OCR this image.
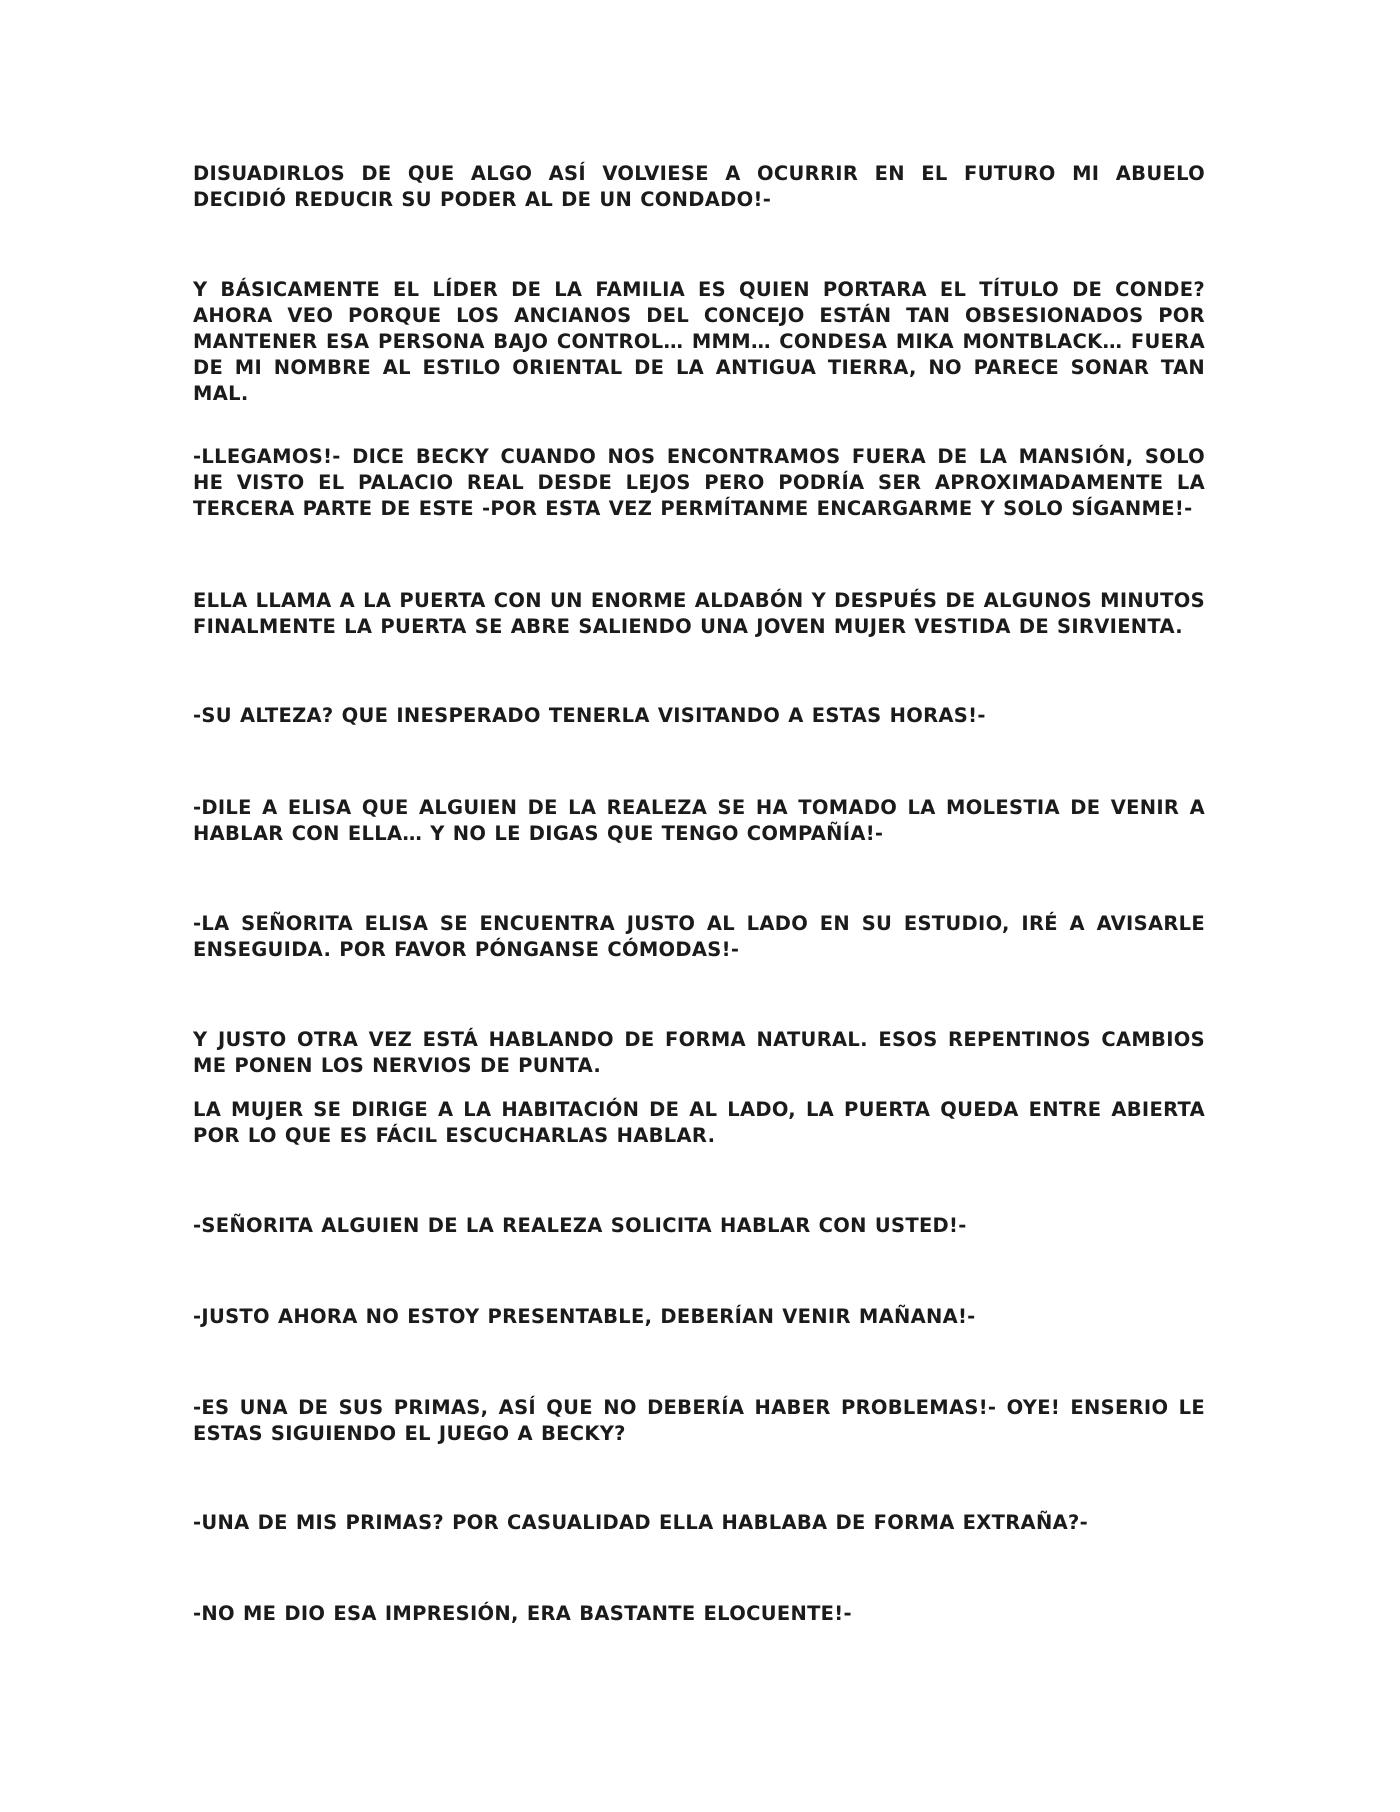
DISUADIRLOS DE QUE ALGO ASÍ VOLVIESE A OCURRIR EN EL FUTURO MI ABUELO DECIDIÓ REDUCIR SU PODER AL DE UN CONDADO!-

Y BÁSICAMENTE EL LÍDER DE LA FAMILIA ES QUIEN PORTARA EL TÍTULO DE CONDE? AHORA VEO PORQUE LOS ANCIANOS DEL CONCEJO ESTÁN TAN OBSESIONADOS POR MANTENER ESA PERSONA BAJO CONTROL… MMM… CONDESA MIKA MONTBLACK… FUERA DE MI NOMBRE AL ESTILO ORIENTAL DE LA ANTIGUA TIERRA, NO PARECE SONAR TAN MAL.

-LLEGAMOS!- DICE BECKY CUANDO NOS ENCONTRAMOS FUERA DE LA MANSIÓN, SOLO HE VISTO EL PALACIO REAL DESDE LEJOS PERO PODRÍA SER APROXIMADAMENTE LA TERCERA PARTE DE ESTE -POR ESTA VEZ PERMÍTANME ENCARGARME Y SOLO SÍGANME!-

ELLA LLAMA A LA PUERTA CON UN ENORME ALDABÓN Y DESPUÉS DE ALGUNOS MINUTOS FINALMENTE LA PUERTA SE ABRE SALIENDO UNA JOVEN MUJER VESTIDA DE SIRVIENTA.

-SU ALTEZA? QUE INESPERADO TENERLA VISITANDO A ESTAS HORAS!-

-DILE A ELISA QUE ALGUIEN DE LA REALEZA SE HA TOMADO LA MOLESTIA DE VENIR A HABLAR CON ELLA… Y NO LE DIGAS QUE TENGO COMPAÑÍA!-

-LA SEÑORITA ELISA SE ENCUENTRA JUSTO AL LADO EN SU ESTUDIO, IRÉ A AVISARLE ENSEGUIDA. POR FAVOR PÓNGANSE CÓMODAS!-

Y JUSTO OTRA VEZ ESTÁ HABLANDO DE FORMA NATURAL. ESOS REPENTINOS CAMBIOS ME PONEN LOS NERVIOS DE PUNTA.

LA MUJER SE DIRIGE A LA HABITACIÓN DE AL LADO, LA PUERTA QUEDA ENTRE ABIERTA POR LO QUE ES FÁCIL ESCUCHARLAS HABLAR.

-SEÑORITA ALGUIEN DE LA REALEZA SOLICITA HABLAR CON USTED!-

-JUSTO AHORA NO ESTOY PRESENTABLE, DEBERÍAN VENIR MAÑANA!-

-ES UNA DE SUS PRIMAS, ASÍ QUE NO DEBERÍA HABER PROBLEMAS!- OYE! ENSERIO LE ESTAS SIGUIENDO EL JUEGO A BECKY?

-UNA DE MIS PRIMAS? POR CASUALIDAD ELLA HABLABA DE FORMA EXTRAÑA?-

-NO ME DIO ESA IMPRESIÓN, ERA BASTANTE ELOCUENTE!-
